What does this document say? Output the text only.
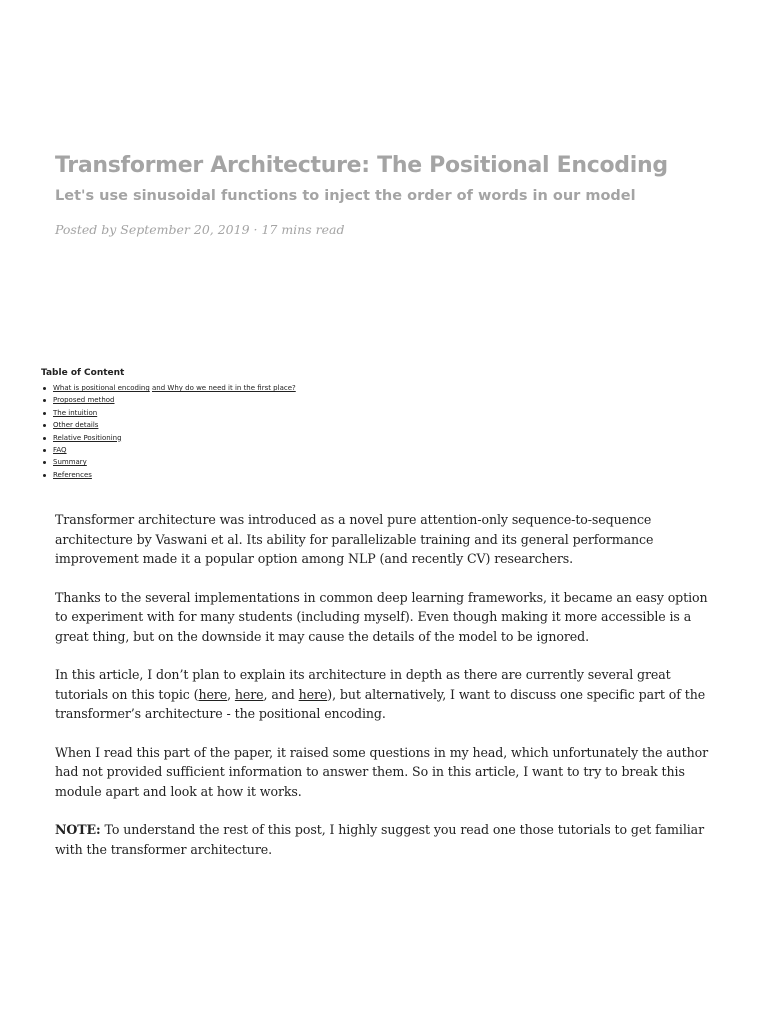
Transformer Architecture: The Positional Encoding
Let's use sinusoidal functions to inject the order of words in our model
Posted by September 20, 2019 · 17 mins read
Table of Content
What is positional encoding and Why do we need it in the first place?
Proposed method
The intuition
Other details
Relative Positioning
FAQ
Summary
References

Transformer architecture was introduced as a novel pure attention-only sequence-to-sequence architecture by Vaswani et al. Its ability for parallelizable training and its general performance improvement made it a popular option among NLP (and recently CV) researchers.

Thanks to the several implementations in common deep learning frameworks, it became an easy option to experiment with for many students (including myself). Even though making it more accessible is a great thing, but on the downside it may cause the details of the model to be ignored.

In this article, I don’t plan to explain its architecture in depth as there are currently several great tutorials on this topic (here, here, and here), but alternatively, I want to discuss one specific part of the transformer’s architecture - the positional encoding.

When I read this part of the paper, it raised some questions in my head, which unfortunately the author had not provided sufficient information to answer them. So in this article, I want to try to break this module apart and look at how it works.

NOTE: To understand the rest of this post, I highly suggest you read one those tutorials to get familiar with the transformer architecture.
